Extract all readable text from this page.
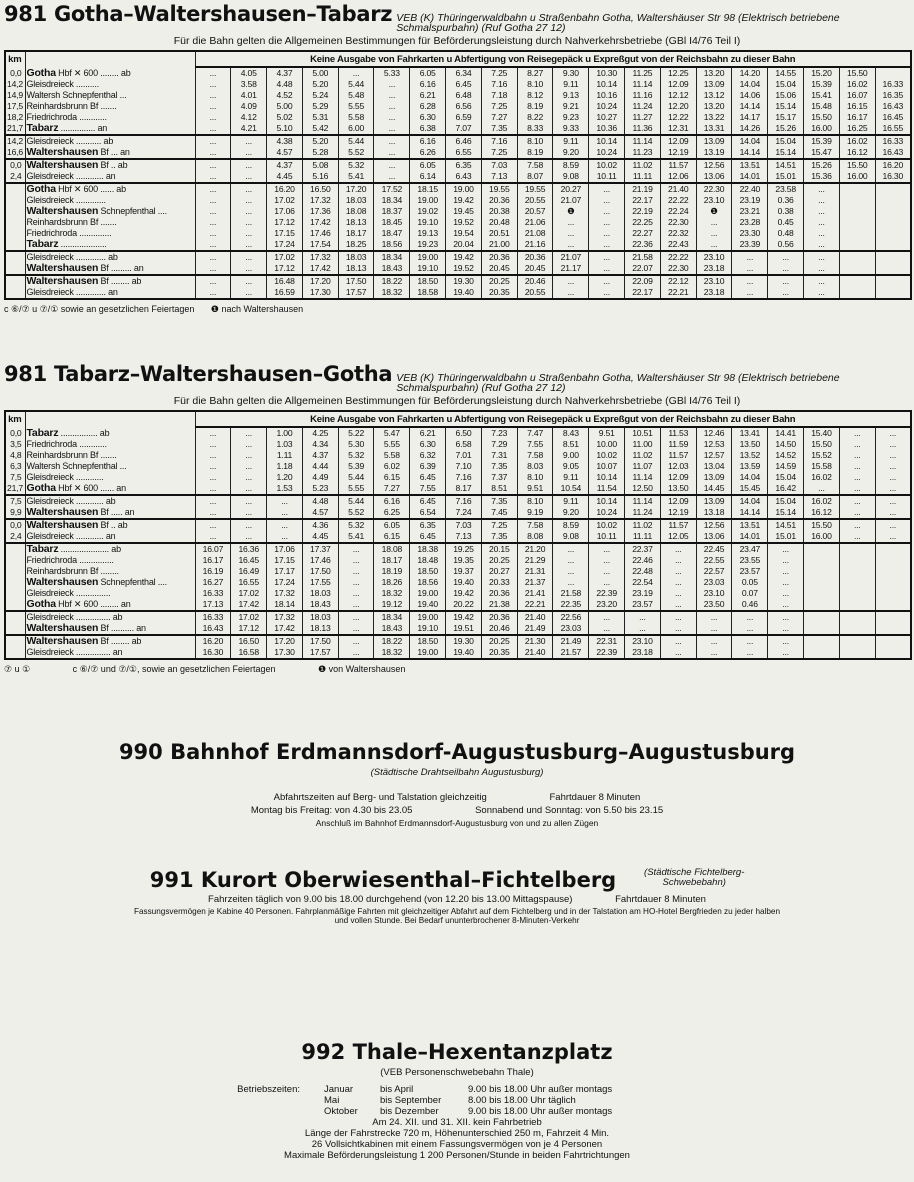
981 Gotha–Waltershausen–Tabarz VEB (K) Thüringerwaldbahn u Straßenbahn Gotha, Waltershäuser Str 98 (Elektrisch betriebene Schmalspurbahn) (Ruf Gotha 27 12)
Für die Bahn gelten die Allgemeinen Bestimmungen für Beförderungsleistung durch Nahverkehrsbetriebe (GBl I4/76 Teil I)
km		Keine Ausgabe von Fahrkarten u Abfertigung von Reisegepäck u Expreßgut von der Reichsbahn zu dieser Bahn																			
0,0	Gotha Hbf ✕ 600 ........ ab	...	4.05	4.37	5.00	...	5.33	6.05	6.34	7.25	8.27	9.30	10.30	11.25	12.25	13.20	14.20	14.55	15.20	15.50	
14,2	Gleisdreieck ..........	...	3.58	4.48	5.20	5.44	...	6.16	6.45	7.16	8.10	9.11	10.14	11.14	12.09	13.09	14.04	15.04	15.39	16.02	16.33
14,9	Waltersh Schnepfenthal ...	...	4.01	4.52	5.24	5.48	...	6.21	6.48	7.18	8.12	9.13	10.16	11.16	12.12	13.12	14.06	15.06	15.41	16.07	16.35
17,5	Reinhardsbrunn Bf .......	...	4.09	5.00	5.29	5.55	...	6.28	6.56	7.25	8.19	9.21	10.24	11.24	12.20	13.20	14.14	15.14	15.48	16.15	16.43
18,2	Friedrichroda ............	...	4.12	5.02	5.31	5.58	...	6.30	6.59	7.27	8.22	9.23	10.27	11.27	12.22	13.22	14.17	15.17	15.50	16.17	16.45
21,7	Tabarz ............... an	...	4.21	5.10	5.42	6.00	...	6.38	7.07	7.35	8.33	9.33	10.36	11.36	12.31	13.31	14.26	15.26	16.00	16.25	16.55
14,2	Gleisdreieck ........... ab	...	...	4.38	5.20	5.44	...	6.16	6.46	7.16	8.10	9.11	10.14	11.14	12.09	13.09	14.04	15.04	15.39	16.02	16.33
16,6	Waltershausen Bf ... an	...	...	4.57	5.28	5.52	...	6.26	6.55	7.25	8.19	9.20	10.24	11.23	12.19	13.19	14.14	15.14	15.47	16.12	16.43
0,0	Waltershausen Bf .. ab	...	...	4.37	5.08	5.32	...	6.05	6.35	7.03	7.58	8.59	10.02	11.02	11.57	12.56	13.51	14.51	15.26	15.50	16.20
2,4	Gleisdreieck ............ an	...	...	4.45	5.16	5.41	...	6.14	6.43	7.13	8.07	9.08	10.11	11.11	12.06	13.06	14.01	15.01	15.36	16.00	16.30
	Gotha Hbf ✕ 600 ...... ab	...	...	16.20	16.50	17.20	17.52	18.15	19.00	19.55	19.55	20.27	...	21.19	21.40	22.30	22.40	23.58	...		
	Gleisdreieck .............	...	...	17.02	17.32	18.03	18.34	19.00	19.42	20.36	20.55	21.07	...	22.17	22.22	23.10	23.19	0.36	...		
	Waltershausen Schnepfenthal ....	...	...	17.06	17.36	18.08	18.37	19.02	19.45	20.38	20.57	❶	...	22.19	22.24	❶	23.21	0.38	...		
	Reinhardsbrunn Bf .......	...	...	17.12	17.42	18.13	18.45	19.10	19.52	20.48	21.06	...	...	22.25	22.30	...	23.28	0.45	...		
	Friedrichroda ..............	...	...	17.15	17.46	18.17	18.47	19.13	19.54	20.51	21.08	...	...	22.27	22.32	...	23.30	0.48	...		
	Tabarz ....................	...	...	17.24	17.54	18.25	18.56	19.23	20.04	21.00	21.16	...	...	22.36	22.43	...	23.39	0.56	...		
	Gleisdreieck ............. ab	...	...	17.02	17.32	18.03	18.34	19.00	19.42	20.36	20.36	21.07	...	21.58	22.22	23.10	...	...	...		
	Waltershausen Bf ......... an	...	...	17.12	17.42	18.13	18.43	19.10	19.52	20.45	20.45	21.17	...	22.07	22.30	23.18	...	...	...		
	Waltershausen Bf ........ ab	...	...	16.48	17.20	17.50	18.22	18.50	19.30	20.25	20.46	...	...	22.09	22.12	23.10	...	...	...		
	Gleisdreieck ............. an	...	...	16.59	17.30	17.57	18.32	18.58	19.40	20.35	20.55	...	...	22.17	22.21	23.18	...	...	...		
c ⑥/⑦ u ⑦/① sowie an gesetzlichen Feiertagen ❶ nach Waltershausen
981 Tabarz–Waltershausen–Gotha VEB (K) Thüringerwaldbahn u Straßenbahn Gotha, Waltershäuser Str 98 (Elektrisch betriebene Schmalspurbahn) (Ruf Gotha 27 12)
Für die Bahn gelten die Allgemeinen Bestimmungen für Beförderungsleistung durch Nahverkehrsbetriebe (GBl I4/76 Teil I)
km		Keine Ausgabe von Fahrkarten u Abfertigung von Reisegepäck u Expreßgut von der Reichsbahn zu dieser Bahn																			
0,0	Tabarz ................ ab	...	...	1.00	4.25	5.22	5.47	6.21	6.50	7.23	7.47	8.43	9.51	10.51	11.53	12.46	13.41	14.41	15.40	...	...
3,5	Friedrichroda ............	...	...	1.03	4.34	5.30	5.55	6.30	6.58	7.29	7.55	8.51	10.00	11.00	11.59	12.53	13.50	14.50	15.50	...	...
4,8	Reinhardsbrunn Bf .......	...	...	1.11	4.37	5.32	5.58	6.32	7.01	7.31	7.58	9.00	10.02	11.02	11.57	12.57	13.52	14.52	15.52	...	...
6,3	Waltersh Schnepfenthal ...	...	...	1.18	4.44	5.39	6.02	6.39	7.10	7.35	8.03	9.05	10.07	11.07	12.03	13.04	13.59	14.59	15.58	...	...
7,5	Gleisdreieck ............	...	...	1.20	4.49	5.44	6.15	6.45	7.16	7.37	8.10	9.11	10.14	11.14	12.09	13.09	14.04	15.04	16.02	...	...
21,7	Gotha Hbf ✕ 600 ...... an	...	...	1.53	5.23	5.55	7.27	7.55	8.17	8.51	9.51	10.54	11.54	12.50	13.50	14.45	15.45	16.42	...	...	...
7,5	Gleisdreieck ............ ab	...	...	...	4.48	5.44	6.16	6.45	7.16	7.35	8.10	9.11	10.14	11.14	12.09	13.09	14.04	15.04	16.02	...	...
9,9	Waltershausen Bf ..... an	...	...	...	4.57	5.52	6.25	6.54	7.24	7.45	9.19	9.20	10.24	11.24	12.19	13.18	14.14	15.14	16.12	...	...
0,0	Waltershausen Bf .. ab	...	...	...	4.36	5.32	6.05	6.35	7.03	7.25	7.58	8.59	10.02	11.02	11.57	12.56	13.51	14.51	15.50	...	...
2,4	Gleisdreieck ............ an	...	...	...	4.45	5.41	6.15	6.45	7.13	7.35	8.08	9.08	10.11	11.11	12.05	13.06	14.01	15.01	16.00	...	...
	Tabarz ..................... ab	16.07	16.36	17.06	17.37	...	18.08	18.38	19.25	20.15	21.20	...	...	22.37	...	22.45	23.47	...			
	Friedrichroda ...............	16.17	16.45	17.15	17.46	...	18.17	18.48	19.35	20.25	21.29	...	...	22.46	...	22.55	23.55	...			
	Reinhardsbrunn Bf ........	16.19	16.49	17.17	17.50	...	18.19	18.50	19.37	20.27	21.31	...	...	22.48	...	22.57	23.57	...			
	Waltershausen Schnepfenthal ....	16.27	16.55	17.24	17.55	...	18.26	18.56	19.40	20.33	21.37	...	...	22.54	...	23.03	0.05	...			
	Gleisdreieck ...............	16.33	17.02	17.32	18.03	...	18.32	19.00	19.42	20.36	21.41	21.58	22.39	23.19	...	23.10	0.07	...			
	Gotha Hbf ✕ 600 ........ an	17.13	17.42	18.14	18.43	...	19.12	19.40	20.22	21.38	22.21	22.35	23.20	23.57	...	23.50	0.46	...			
	Gleisdreieck ............... ab	16.33	17.02	17.32	18.03	...	18.34	19.00	19.42	20.36	21.40	22.56	...	...	...	...	...	...			
	Waltershausen Bf .......... an	16.43	17.12	17.42	18.13	...	18.43	19.10	19.51	20.46	21.49	23.03	...	...	...	...	...	...			
	Waltershausen Bf ........ ab	16.20	16.50	17.20	17.50	...	18.22	18.50	19.30	20.25	21.30	21.49	22.31	23.10	...	...	...	...			
	Gleisdreieck ............... an	16.30	16.58	17.30	17.57	...	18.32	19.00	19.40	20.35	21.40	21.57	22.39	23.18	...	...	...	...			
⑦ u ①	c ⑥/⑦ und ⑦/①, sowie an gesetzlichen Feiertagen	❶ von Waltershausen
990 Bahnhof Erdmannsdorf-Augustusburg–Augustusburg
(Städtische Drahtseilbahn Augustusburg)
Abfahrtszeiten auf Berg- und Talstation gleichzeitig	Fahrtdauer 8 Minuten
Montag bis Freitag: von 4.30 bis 23.05	Sonnabend und Sonntag: von 5.50 bis 23.15
Anschluß im Bahnhof Erdmannsdorf-Augustusburg von und zu allen Zügen
991 Kurort Oberwiesenthal–Fichtelberg	(Städtische Fichtelberg-Schwebebahn)
Fahrzeiten täglich von 9.00 bis 18.00 durchgehend (von 12.20 bis 13.00 Mittagspause)	Fahrtdauer 8 Minuten
Fassungsvermögen je Kabine 40 Personen. Fahrplanmäßige Fahrten mit gleichzeitiger Abfahrt auf dem Fichtelberg und in der Talstation am HO-Hotel Bergfrieden zu jeder halben
und vollen Stunde. Bei Bedarf ununterbrochener 8-Minuten-Verkehr
992 Thale–Hexentanzplatz
(VEB Personenschwebebahn Thale)
Betriebszeiten:	Januar	bis April	9.00 bis 18.00 Uhr außer montags
Mai	bis September	8.00 bis 18.00 Uhr täglich
Oktober	bis Dezember	9.00 bis 18.00 Uhr außer montags
Am 24. XII. und 31. XII. kein Fahrbetrieb
Länge der Fahrstrecke 720 m, Höhenunterschied 250 m, Fahrzeit 4 Min.
26 Vollsichtkabinen mit einem Fassungsvermögen von je 4 Personen
Maximale Beförderungsleistung 1 200 Personen/Stunde in beiden Fahrtrichtungen
